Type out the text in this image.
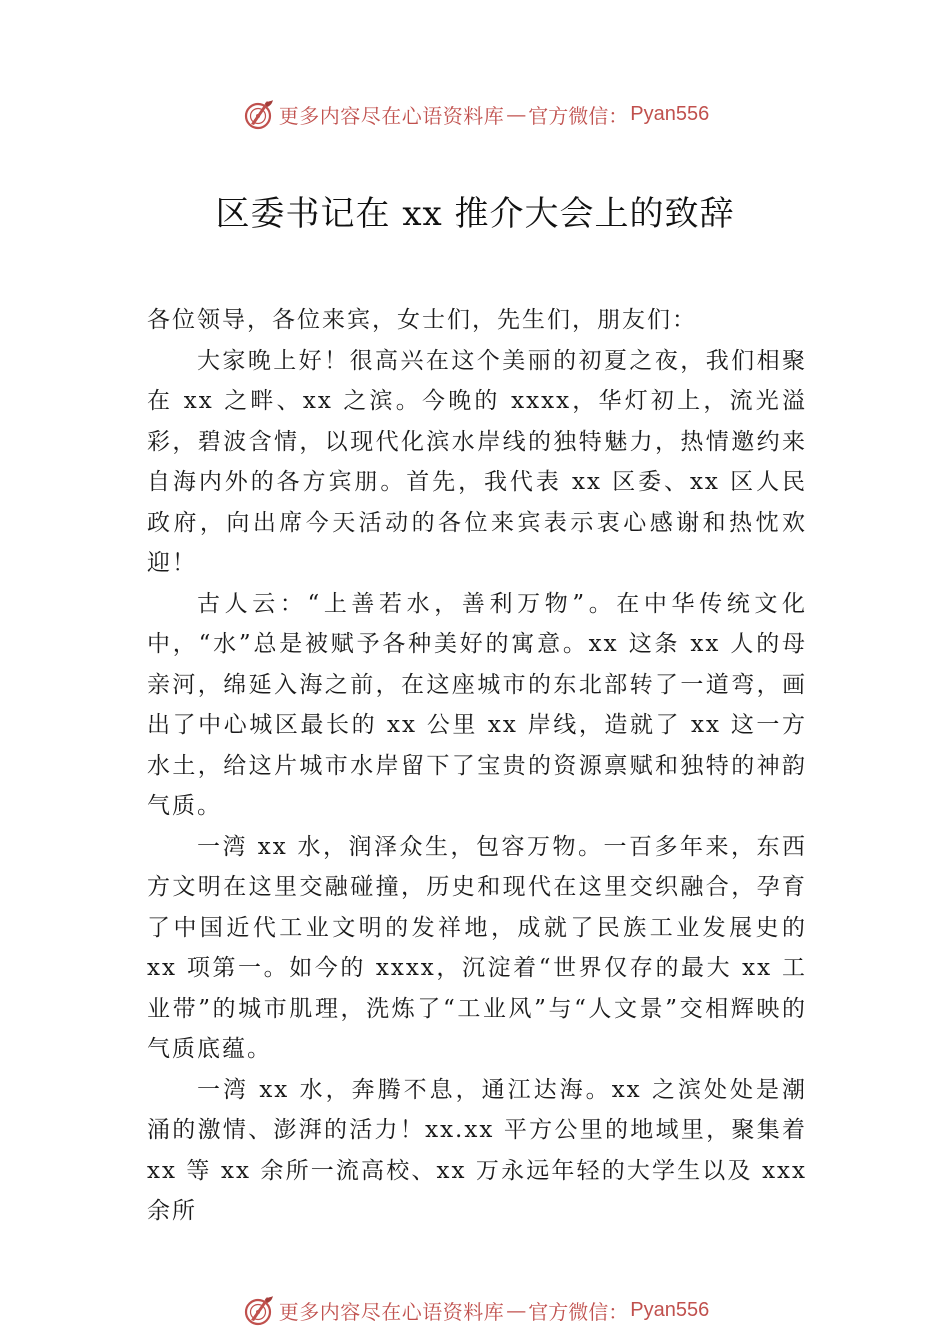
更多内容尽在心语资料库 — 官方微信： Pyan556
区委书记在 xx 推介大会上的致辞

各位领导，各位来宾，女士们，先生们，朋友们：

大家晚上好！很高兴在这个美丽的初夏之夜，我们相聚在 xx 之畔、xx 之滨。今晚的 xxxx，华灯初上，流光溢彩，碧波含情，以现代化滨水岸线的独特魅力，热情邀约来自海内外的各方宾朋。首先，我代表 xx 区委、xx 区人民政府，向出席今天活动的各位来宾表示衷心感谢和热忱欢迎！

古人云：“上善若水，善利万物”。在中华传统文化中，“水”总是被赋予各种美好的寓意。xx 这条 xx 人的母亲河，绵延入海之前，在这座城市的东北部转了一道弯，画出了中心城区最长的 xx 公里 xx 岸线，造就了 xx 这一方水土，给这片城市水岸留下了宝贵的资源禀赋和独特的神韵气质。

一湾 xx 水，润泽众生，包容万物。一百多年来，东西方文明在这里交融碰撞，历史和现代在这里交织融合，孕育了中国近代工业文明的发祥地，成就了民族工业发展史的 xx 项第一。如今的 xxxx，沉淀着“世界仅存的最大 xx 工业带”的城市肌理，洗炼了“工业风”与“人文景”交相辉映的气质底蕴。

一湾 xx 水，奔腾不息，通江达海。xx 之滨处处是潮涌的激情、澎湃的活力！xx.xx 平方公里的地域里，聚集着 xx 等 xx 余所一流高校、xx 万永远年轻的大学生以及 xxx 余所

更多内容尽在心语资料库 — 官方微信： Pyan556
